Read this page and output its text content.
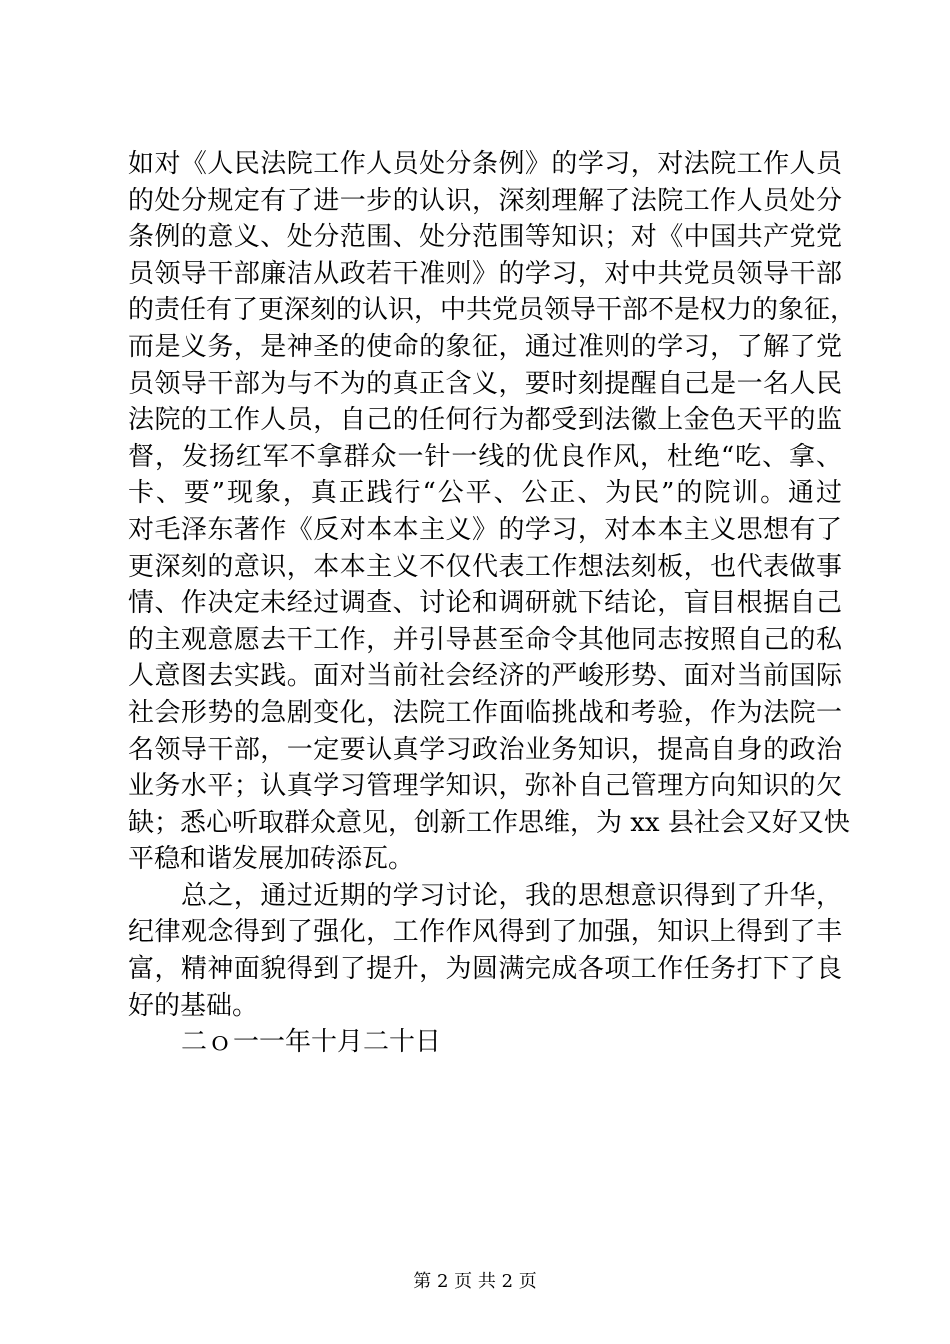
如对《人民法院工作人员处分条例》的学习，对法院工作人员
的处分规定有了进一步的认识，深刻理解了法院工作人员处分
条例的意义、处分范围、处分范围等知识；对《中国共产党党
员领导干部廉洁从政若干准则》的学习，对中共党员领导干部
的责任有了更深刻的认识，中共党员领导干部不是权力的象征，
而是义务，是神圣的使命的象征，通过准则的学习，了解了党
员领导干部为与不为的真正含义，要时刻提醒自己是一名人民
法院的工作人员，自己的任何行为都受到法徽上金色天平的监
督，发扬红军不拿群众一针一线的优良作风，杜绝“吃、拿、
卡、要”现象，真正践行“公平、公正、为民”的院训。通过
对毛泽东著作《反对本本主义》的学习，对本本主义思想有了
更深刻的意识，本本主义不仅代表工作想法刻板，也代表做事
情、作决定未经过调查、讨论和调研就下结论，盲目根据自己
的主观意愿去干工作，并引导甚至命令其他同志按照自己的私
人意图去实践。面对当前社会经济的严峻形势、面对当前国际
社会形势的急剧变化，法院工作面临挑战和考验，作为法院一
名领导干部，一定要认真学习政治业务知识，提高自身的政治
业务水平；认真学习管理学知识，弥补自己管理方向知识的欠
缺；悉心听取群众意见，创新工作思维，为 xx 县社会又好又快
平稳和谐发展加砖添瓦。
总之，通过近期的学习讨论，我的思想意识得到了升华，
纪律观念得到了强化，工作作风得到了加强，知识上得到了丰
富，精神面貌得到了提升，为圆满完成各项工作任务打下了良
好的基础。
二ｏ一一年十月二十日
第 2 页 共 2 页
